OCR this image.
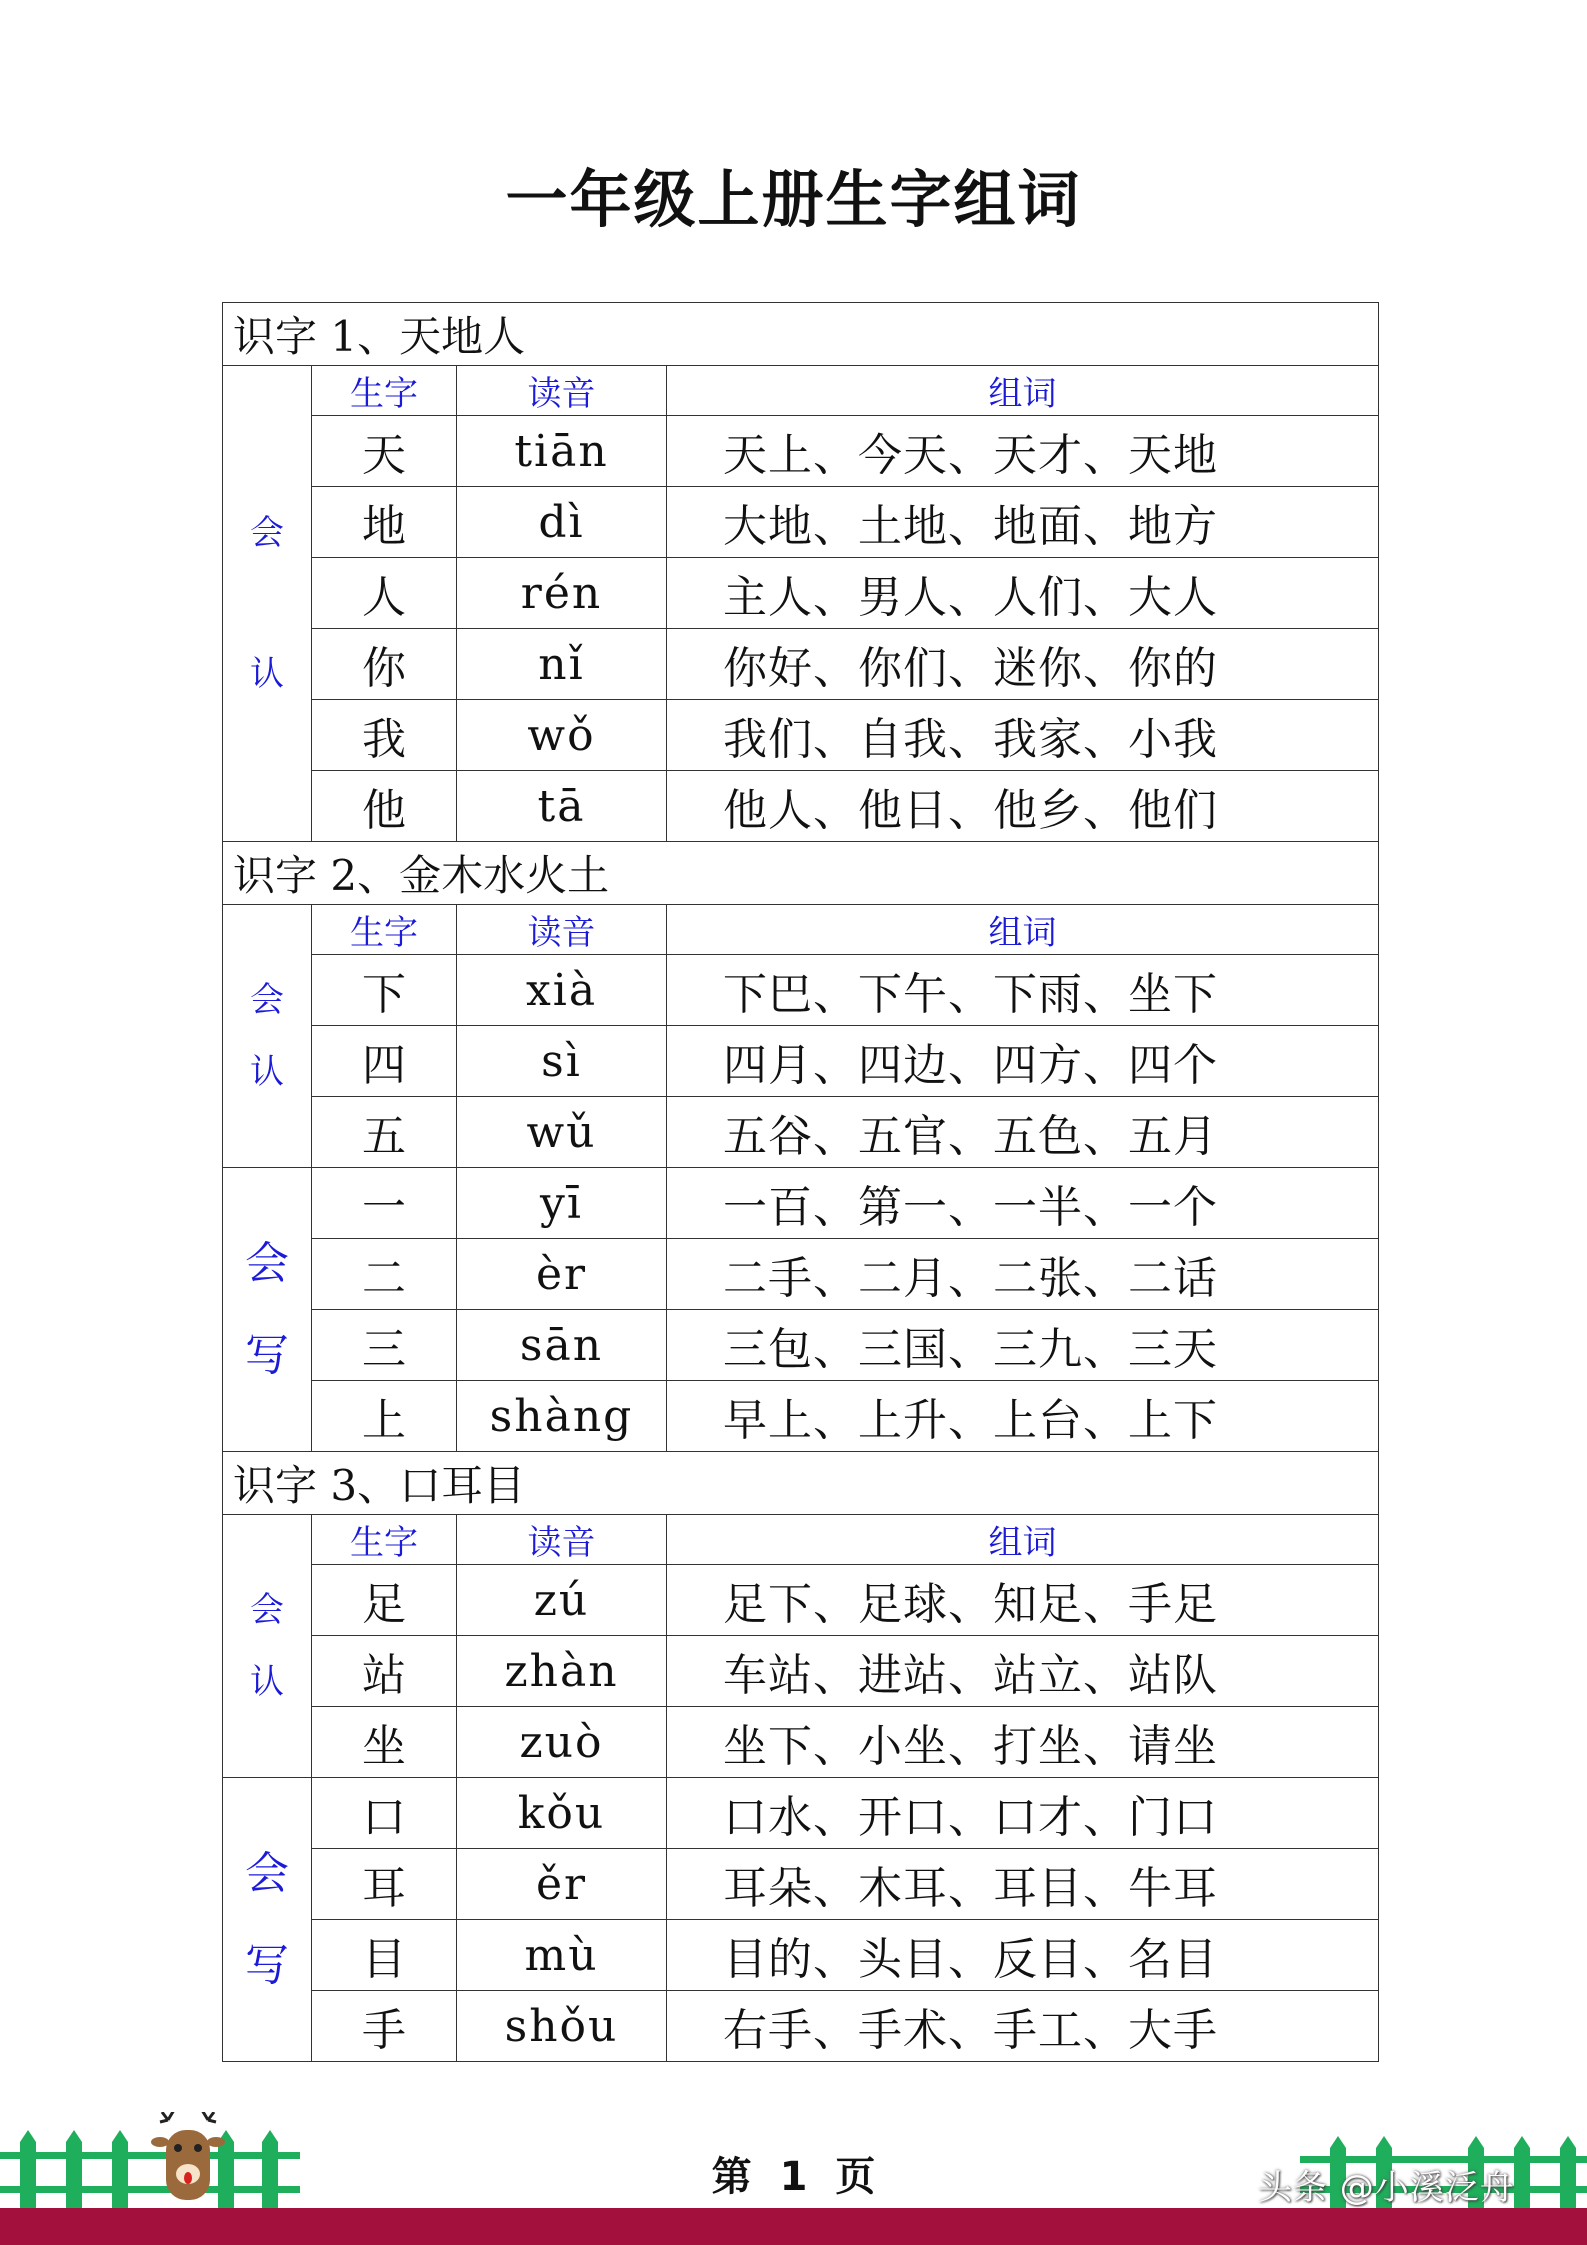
一年级上册生字组词
识字 1、天地人			

会
认	生字	读音	组词
	天	tiān	天上、今天、天才、天地
	地	dì	大地、土地、地面、地方
	人	rén	主人、男人、人们、大人
	你	nǐ	你好、你们、迷你、你的
	我	wǒ	我们、自我、我家、小我
	他	tā	他人、他日、他乡、他们
识字 2、金木水火土			

会
认	生字	读音	组词
	下	xià	下巴、下午、下雨、坐下
	四	sì	四月、四边、四方、四个
	五	wǔ	五谷、五官、五色、五月

会
写	一	yī	一百、第一、一半、一个
	二	èr	二手、二月、二张、二话
	三	sān	三包、三国、三九、三天
	上	shàng	早上、上升、上台、上下
识字 3、口耳目			

会
认	生字	读音	组词
	足	zú	足下、足球、知足、手足
	站	zhàn	车站、进站、站立、站队
	坐	zuò	坐下、小坐、打坐、请坐

会
写	口	kǒu	口水、开口、口才、门口
	耳	ěr	耳朵、木耳、耳目、牛耳
	目	mù	目的、头目、反目、名目
	手	shǒu	右手、手术、手工、大手
第 1 页	头条 @小溪泛舟
